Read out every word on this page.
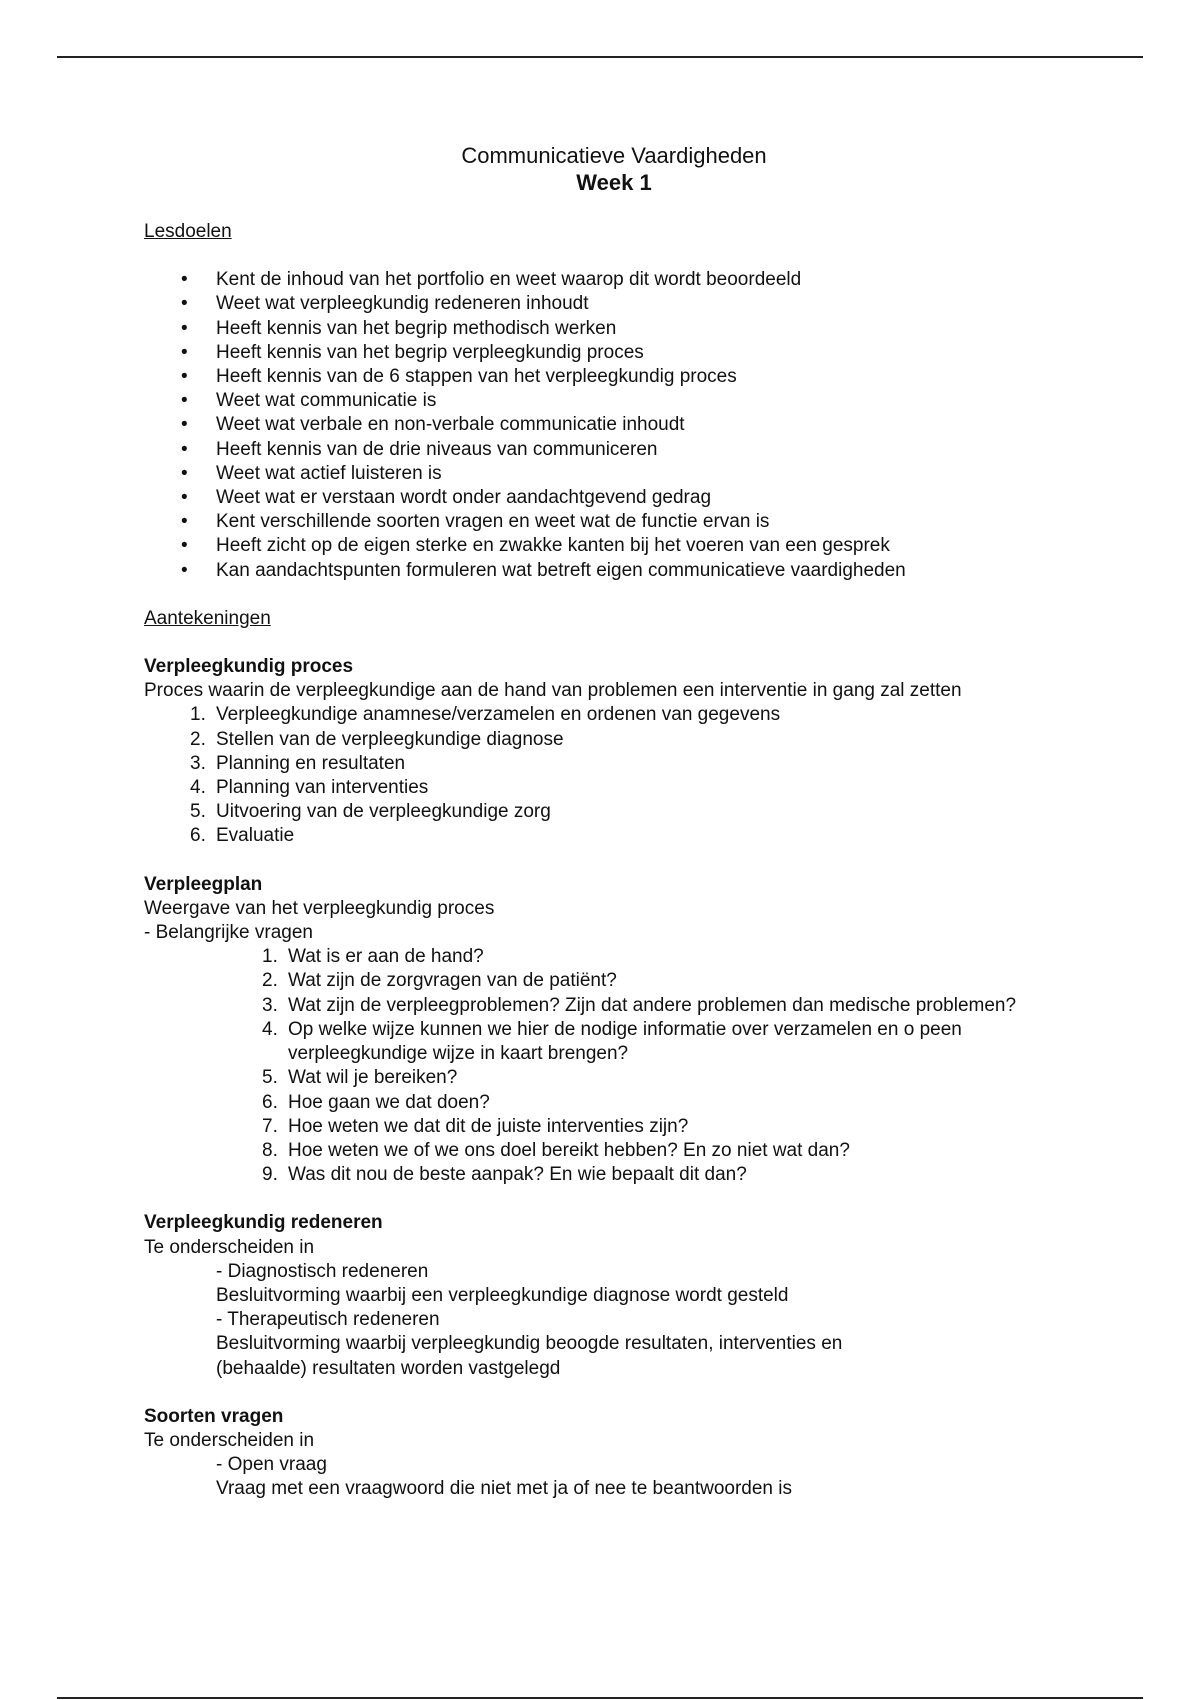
Communicatieve Vaardigheden
Week 1
Lesdoelen
• Kent de inhoud van het portfolio en weet waarop dit wordt beoordeeld
• Weet wat verpleegkundig redeneren inhoudt
• Heeft kennis van het begrip methodisch werken
• Heeft kennis van het begrip verpleegkundig proces
• Heeft kennis van de 6 stappen van het verpleegkundig proces
• Weet wat communicatie is
• Weet wat verbale en non-verbale communicatie inhoudt
• Heeft kennis van de drie niveaus van communiceren
• Weet wat actief luisteren is
• Weet wat er verstaan wordt onder aandachtgevend gedrag
• Kent verschillende soorten vragen en weet wat de functie ervan is
• Heeft zicht op de eigen sterke en zwakke kanten bij het voeren van een gesprek
• Kan aandachtspunten formuleren wat betreft eigen communicatieve vaardigheden
Aantekeningen
Verpleegkundig proces
Proces waarin de verpleegkundige aan de hand van problemen een interventie in gang zal zetten
1. Verpleegkundige anamnese/verzamelen en ordenen van gegevens
2. Stellen van de verpleegkundige diagnose
3. Planning en resultaten
4. Planning van interventies
5. Uitvoering van de verpleegkundige zorg
6. Evaluatie
Verpleegplan
Weergave van het verpleegkundig proces
- Belangrijke vragen
1. Wat is er aan de hand?
2. Wat zijn de zorgvragen van de patiënt?
3. Wat zijn de verpleegproblemen? Zijn dat andere problemen dan medische problemen?
4. Op welke wijze kunnen we hier de nodige informatie over verzamelen en o peen verpleegkundige wijze in kaart brengen?
5. Wat wil je bereiken?
6. Hoe gaan we dat doen?
7. Hoe weten we dat dit de juiste interventies zijn?
8. Hoe weten we of we ons doel bereikt hebben? En zo niet wat dan?
9. Was dit nou de beste aanpak? En wie bepaalt dit dan?
Verpleegkundig redeneren
Te onderscheiden in
- Diagnostisch redeneren
Besluitvorming waarbij een verpleegkundige diagnose wordt gesteld
- Therapeutisch redeneren
Besluitvorming waarbij verpleegkundig beoogde resultaten, interventies en (behaalde) resultaten worden vastgelegd
Soorten vragen
Te onderscheiden in
- Open vraag
Vraag met een vraagwoord die niet met ja of nee te beantwoorden is
